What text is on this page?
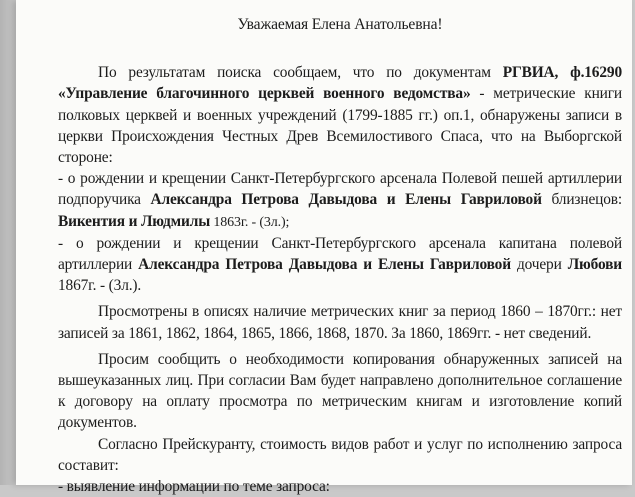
Уважаемая Елена Анатольевна!

По результатам поиска сообщаем, что по документам РГВИА, ф.16290 «Управление благочинного церквей военного ведомства» - метрические книги полковых церквей и военных учреждений (1799-1885 гг.) оп.1, обнаружены записи в церкви Происхождения Честных Древ Всемилостивого Спаса, что на Выборгской стороне:

- о рождении и крещении Санкт-Петербургского арсенала Полевой пешей артиллерии подпоручика Александра Петрова Давыдова и Елены Гавриловой близнецов: Викентия и Людмилы 1863г. - (3л.);

- о рождении и крещении Санкт-Петербургского арсенала капитана полевой артиллерии Александра Петрова Давыдова и Елены Гавриловой дочери Любови 1867г. - (3л.).

Просмотрены в описях наличие метрических книг за период 1860 – 1870гг.: нет записей за 1861, 1862, 1864, 1865, 1866, 1868, 1870. За 1860, 1869гг. - нет сведений.

Просим сообщить о необходимости копирования обнаруженных записей на вышеуказанных лиц. При согласии Вам будет направлено дополнительное соглашение к договору на оплату просмотра по метрическим книгам и изготовление копий документов.

Согласно Прейскуранту, стоимость видов работ и услуг по исполнению запроса составит:

- выявление информации по теме запроса:
